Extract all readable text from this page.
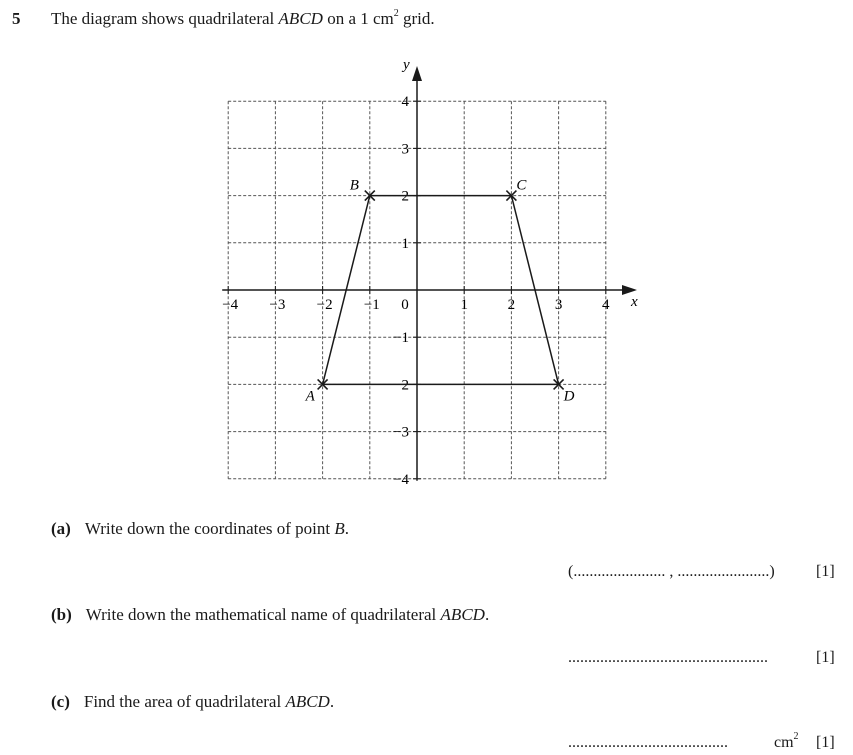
5 The diagram shows quadrilateral ABCD on a 1 $cm^2$ grid.
x
y
−4 −3 −2 −1 0	1	2	3	4
4
3
2
1
−1
−2
−3
−4
A
B	C
D
(a) Write down the coordinates of point B.
(....................... , .......................)	[1]
(b) Write down the mathematical name of quadrilateral ABCD.
..................................................	[1]
(c) Find the area of quadrilateral ABCD.
........................................	$cm^2$ [1]
